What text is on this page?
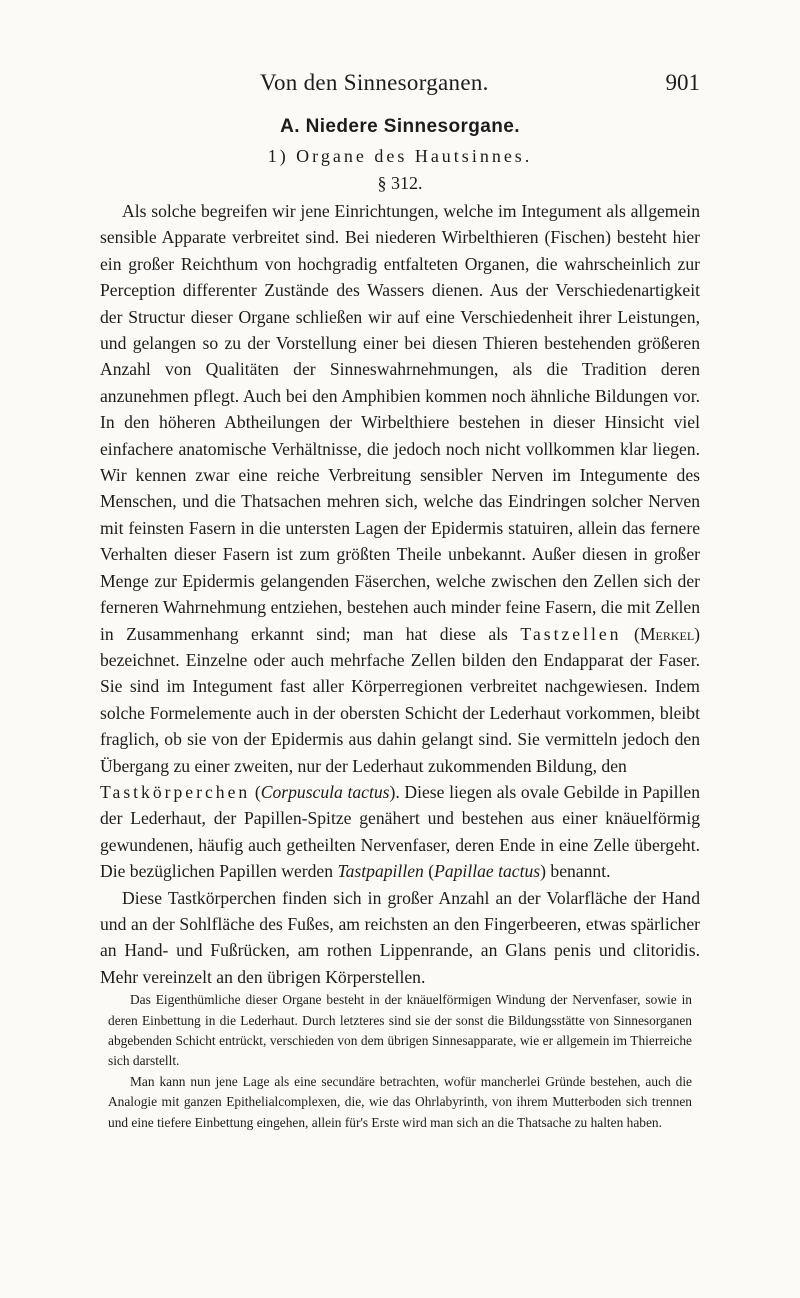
Von den Sinnesorganen.	901
A. Niedere Sinnesorgane.
1) Organe des Hautsinnes.
§ 312.

Als solche begreifen wir jene Einrichtungen, welche im Integument als allgemein sensible Apparate verbreitet sind. Bei niederen Wirbelthieren (Fischen) besteht hier ein großer Reichthum von hochgradig entfalteten Organen, die wahrscheinlich zur Perception differenter Zustände des Wassers dienen. Aus der Verschiedenartigkeit der Structur dieser Organe schließen wir auf eine Verschiedenheit ihrer Leistungen, und gelangen so zu der Vorstellung einer bei diesen Thieren bestehenden größeren Anzahl von Qualitäten der Sinneswahrnehmungen, als die Tradition deren anzunehmen pflegt. Auch bei den Amphibien kommen noch ähnliche Bildungen vor. In den höheren Abtheilungen der Wirbelthiere bestehen in dieser Hinsicht viel einfachere anatomische Verhältnisse, die jedoch noch nicht vollkommen klar liegen. Wir kennen zwar eine reiche Verbreitung sensibler Nerven im Integumente des Menschen, und die Thatsachen mehren sich, welche das Eindringen solcher Nerven mit feinsten Fasern in die untersten Lagen der Epidermis statuiren, allein das fernere Verhalten dieser Fasern ist zum größten Theile unbekannt. Außer diesen in großer Menge zur Epidermis gelangenden Fäserchen, welche zwischen den Zellen sich der ferneren Wahrnehmung entziehen, bestehen auch minder feine Fasern, die mit Zellen in Zusammenhang erkannt sind; man hat diese als Tastzellen (Merkel) bezeichnet. Einzelne oder auch mehrfache Zellen bilden den Endapparat der Faser. Sie sind im Integument fast aller Körperregionen verbreitet nachgewiesen. Indem solche Formelemente auch in der obersten Schicht der Lederhaut vorkommen, bleibt fraglich, ob sie von der Epidermis aus dahin gelangt sind. Sie vermitteln jedoch den Übergang zu einer zweiten, nur der Lederhaut zukommenden Bildung, den
Tastkörperchen (Corpuscula tactus). Diese liegen als ovale Gebilde in Papillen der Lederhaut, der Papillen-Spitze genähert und bestehen aus einer knäuelförmig gewundenen, häufig auch getheilten Nervenfaser, deren Ende in eine Zelle übergeht. Die bezüglichen Papillen werden Tastpapillen (Papillae tactus) benannt.

Diese Tastkörperchen finden sich in großer Anzahl an der Volarfläche der Hand und an der Sohlfläche des Fußes, am reichsten an den Fingerbeeren, etwas spärlicher an Hand- und Fußrücken, am rothen Lippenrande, an Glans penis und clitoridis. Mehr vereinzelt an den übrigen Körperstellen.

Das Eigenthümliche dieser Organe besteht in der knäuelförmigen Windung der Nervenfaser, sowie in deren Einbettung in die Lederhaut. Durch letzteres sind sie der sonst die Bildungsstätte von Sinnesorganen abgebenden Schicht entrückt, verschieden von dem übrigen Sinnesapparate, wie er allgemein im Thierreiche sich darstellt.

Man kann nun jene Lage als eine secundäre betrachten, wofür mancherlei Gründe bestehen, auch die Analogie mit ganzen Epithelialcomplexen, die, wie das Ohrlabyrinth, von ihrem Mutterboden sich trennen und eine tiefere Einbettung eingehen, allein für's Erste wird man sich an die Thatsache zu halten haben.
